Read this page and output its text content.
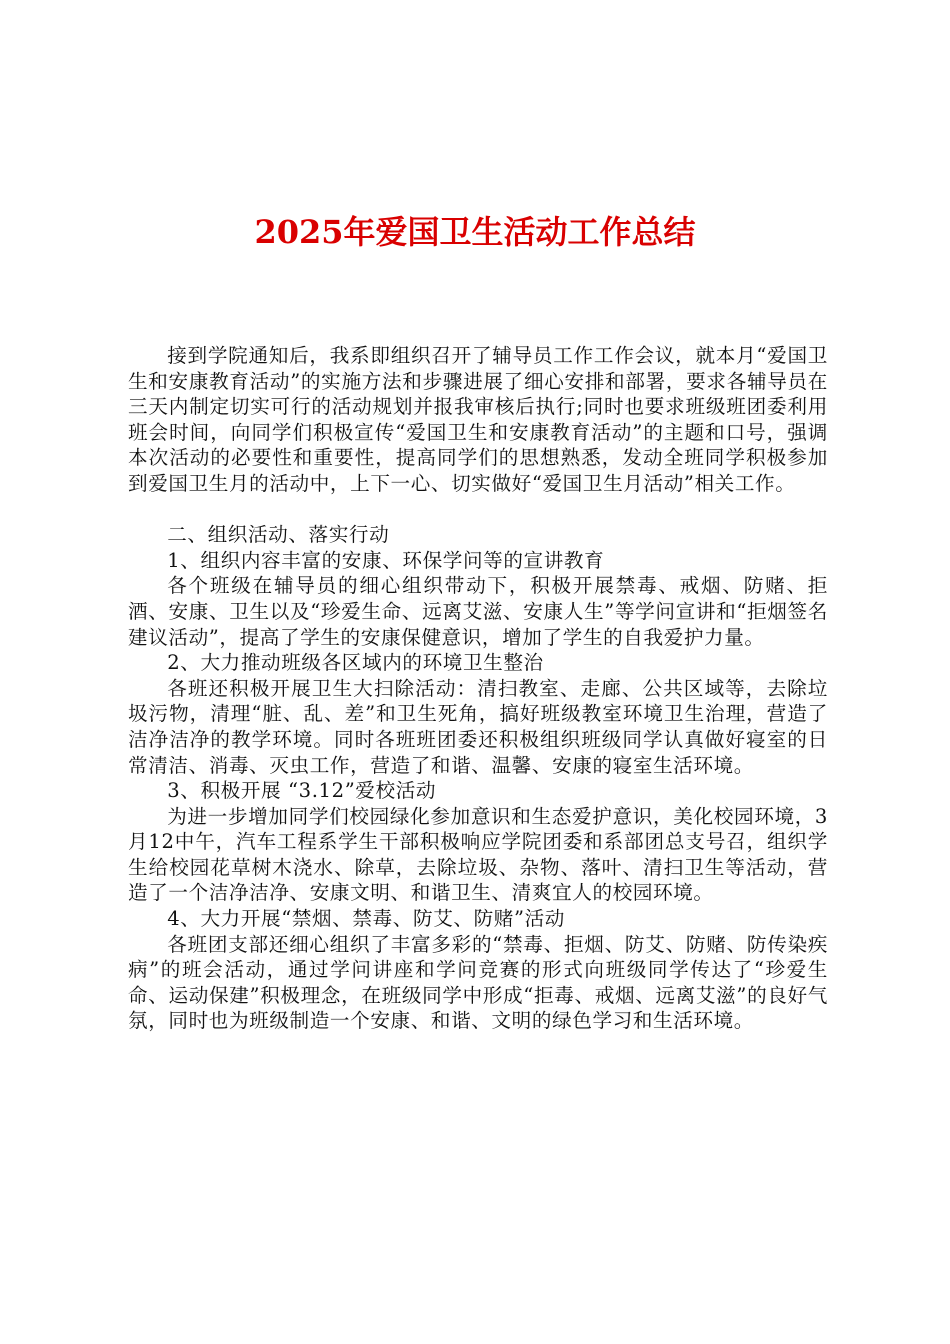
2025年爱国卫生活动工作总结

接到学院通知后，我系即组织召开了辅导员工作工作会议，就本月“爱国卫生和安康教育活动”的实施方法和步骤进展了细心安排和部署，要求各辅导员在三天内制定切实可行的活动规划并报我审核后执行;同时也要求班级班团委利用班会时间，向同学们积极宣传“爱国卫生和安康教育活动”的主题和口号，强调本次活动的必要性和重要性，提高同学们的思想熟悉，发动全班同学积极参加到爱国卫生月的活动中，上下一心、切实做好“爱国卫生月活动”相关工作。

二、组织活动、落实行动

1、组织内容丰富的安康、环保学问等的宣讲教育

各个班级在辅导员的细心组织带动下，积极开展禁毒、戒烟、防赌、拒酒、安康、卫生以及“珍爱生命、远离艾滋、安康人生”等学问宣讲和“拒烟签名建议活动”，提高了学生的安康保健意识，增加了学生的自我爱护力量。

2、大力推动班级各区域内的环境卫生整治

各班还积极开展卫生大扫除活动：清扫教室、走廊、公共区域等，去除垃圾污物，清理“脏、乱、差”和卫生死角，搞好班级教室环境卫生治理，营造了洁净洁净的教学环境。同时各班班团委还积极组织班级同学认真做好寝室的日常清洁、消毒、灭虫工作，营造了和谐、温馨、安康的寝室生活环境。

3、积极开展 “3.12”爱校活动

为进一步增加同学们校园绿化参加意识和生态爱护意识，美化校园环境，3月12中午，汽车工程系学生干部积极响应学院团委和系部团总支号召，组织学生给校园花草树木浇水、除草，去除垃圾、杂物、落叶、清扫卫生等活动，营造了一个洁净洁净、安康文明、和谐卫生、清爽宜人的校园环境。

4、大力开展“禁烟、禁毒、防艾、防赌”活动

各班团支部还细心组织了丰富多彩的“禁毒、拒烟、防艾、防赌、防传染疾病”的班会活动，通过学问讲座和学问竞赛的形式向班级同学传达了“珍爱生命、运动保建”积极理念，在班级同学中形成“拒毒、戒烟、远离艾滋”的良好气氛，同时也为班级制造一个安康、和谐、文明的绿色学习和生活环境。
